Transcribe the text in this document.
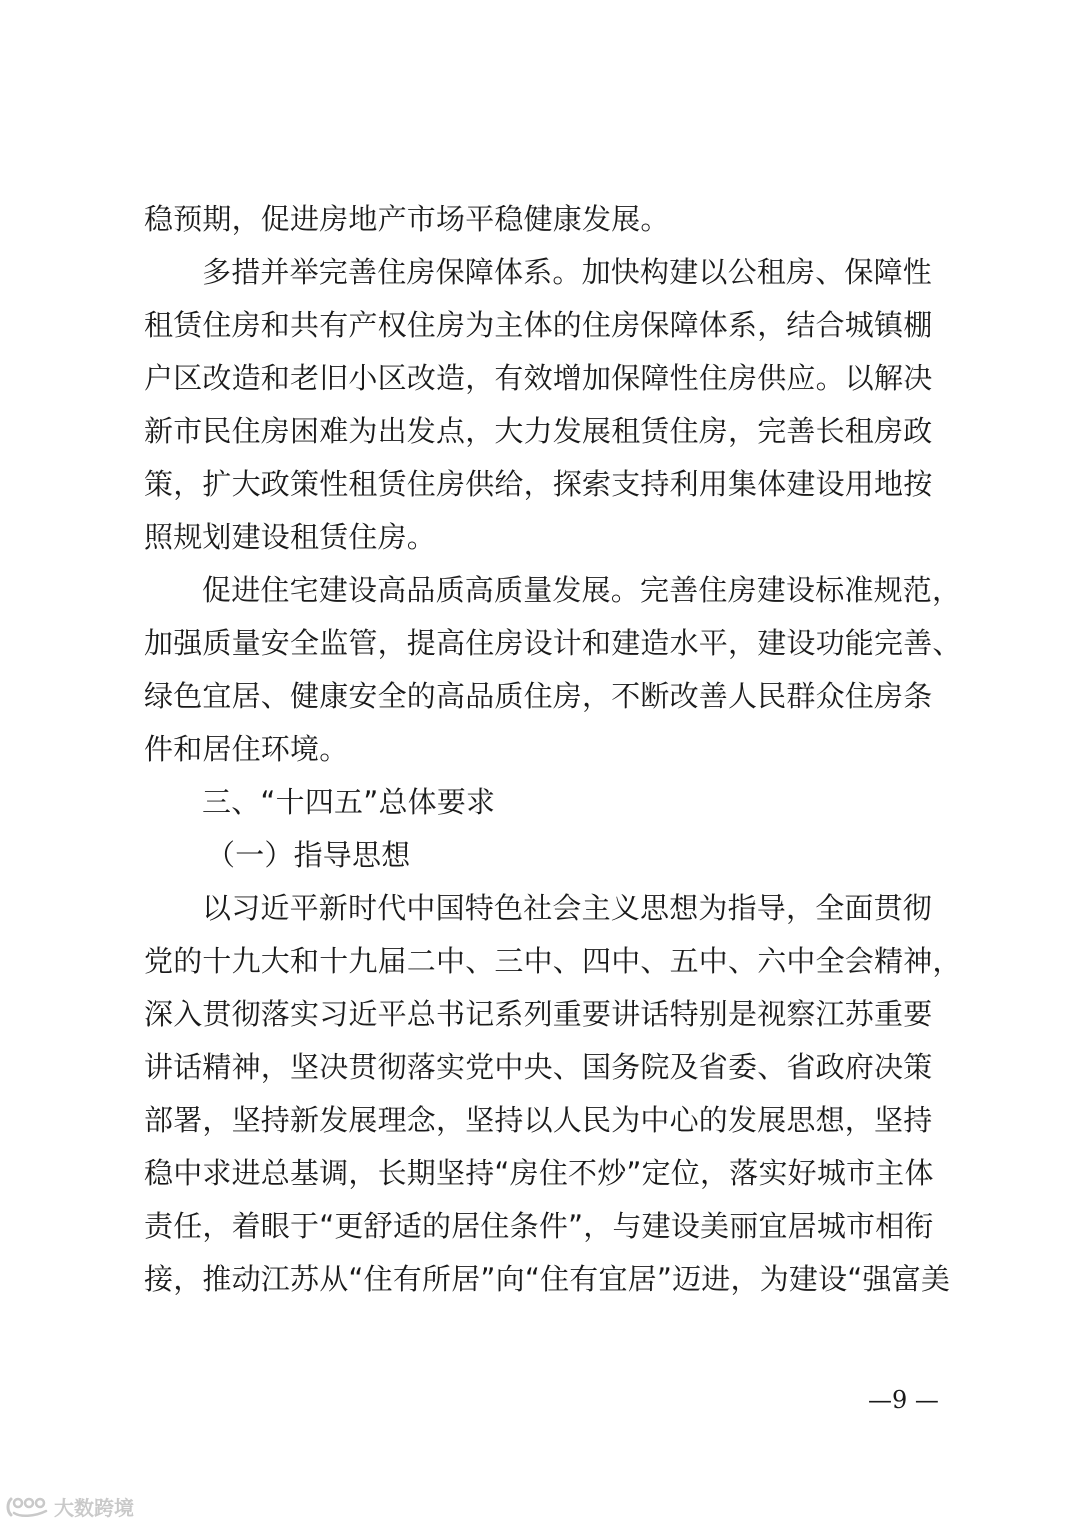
稳预期，促进房地产市场平稳健康发展。
多措并举完善住房保障体系。加快构建以公租房、保障性
租赁住房和共有产权住房为主体的住房保障体系，结合城镇棚
户区改造和老旧小区改造，有效增加保障性住房供应。以解决
新市民住房困难为出发点，大力发展租赁住房，完善长租房政
策，扩大政策性租赁住房供给，探索支持利用集体建设用地按
照规划建设租赁住房。
促进住宅建设高品质高质量发展。完善住房建设标准规范，
加强质量安全监管，提高住房设计和建造水平，建设功能完善、
绿色宜居、健康安全的高品质住房，不断改善人民群众住房条
件和居住环境。
三、“十四五”总体要求
（一）指导思想
以习近平新时代中国特色社会主义思想为指导，全面贯彻
党的十九大和十九届二中、三中、四中、五中、六中全会精神，
深入贯彻落实习近平总书记系列重要讲话特别是视察江苏重要
讲话精神，坚决贯彻落实党中央、国务院及省委、省政府决策
部署，坚持新发展理念，坚持以人民为中心的发展思想，坚持
稳中求进总基调，长期坚持“房住不炒”定位，落实好城市主体
责任，着眼于“更舒适的居住条件”，与建设美丽宜居城市相衔
接，推动江苏从“住有所居”向“住有宜居”迈进，为建设“强富美
—9 —
大数跨境
